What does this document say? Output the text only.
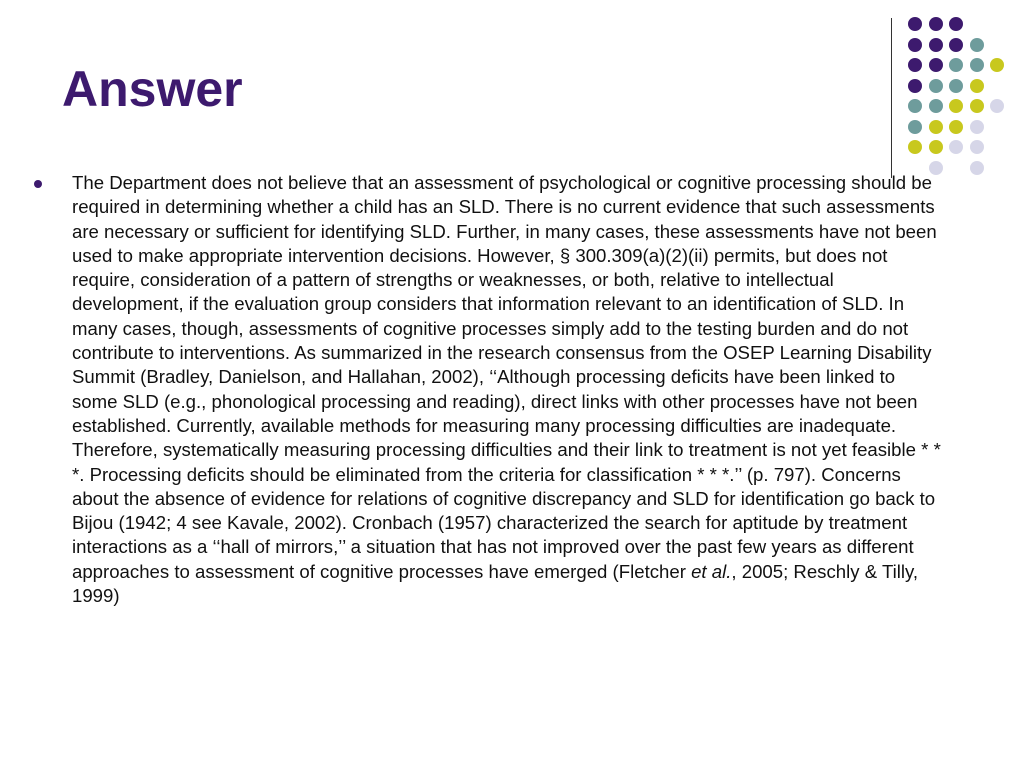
Answer

The Department does not believe that an assessment of psychological or cognitive processing should be required in determining whether a child has an SLD. There is no current evidence that such assessments are necessary or sufficient for identifying SLD. Further, in many cases, these assessments have not been used to make appropriate intervention decisions. However, § 300.309(a)(2)(ii) permits, but does not require, consideration of a pattern of strengths or weaknesses, or both, relative to intellectual development, if the evaluation group considers that information relevant to an identification of SLD. In many cases, though, assessments of cognitive processes simply add to the testing burden and do not contribute to interventions. As summarized in the research consensus from the OSEP Learning Disability Summit (Bradley, Danielson, and Hallahan, 2002), ‘‘Although processing deficits have been linked to some SLD (e.g., phonological processing and reading), direct links with other processes have not been established. Currently, available methods for measuring many processing difficulties are inadequate. Therefore, systematically measuring processing difficulties and their link to treatment is not yet feasible * * *. Processing deficits should be eliminated from the criteria for classification * * *.’’ (p. 797). Concerns about the absence of evidence for relations of cognitive discrepancy and SLD for identification go back to Bijou (1942; 4 see Kavale, 2002). Cronbach (1957) characterized the search for aptitude by treatment interactions as a ‘‘hall of mirrors,’’ a situation that has not improved over the past few years as different approaches to assessment of cognitive processes have emerged (Fletcher et al., 2005; Reschly & Tilly, 1999)
